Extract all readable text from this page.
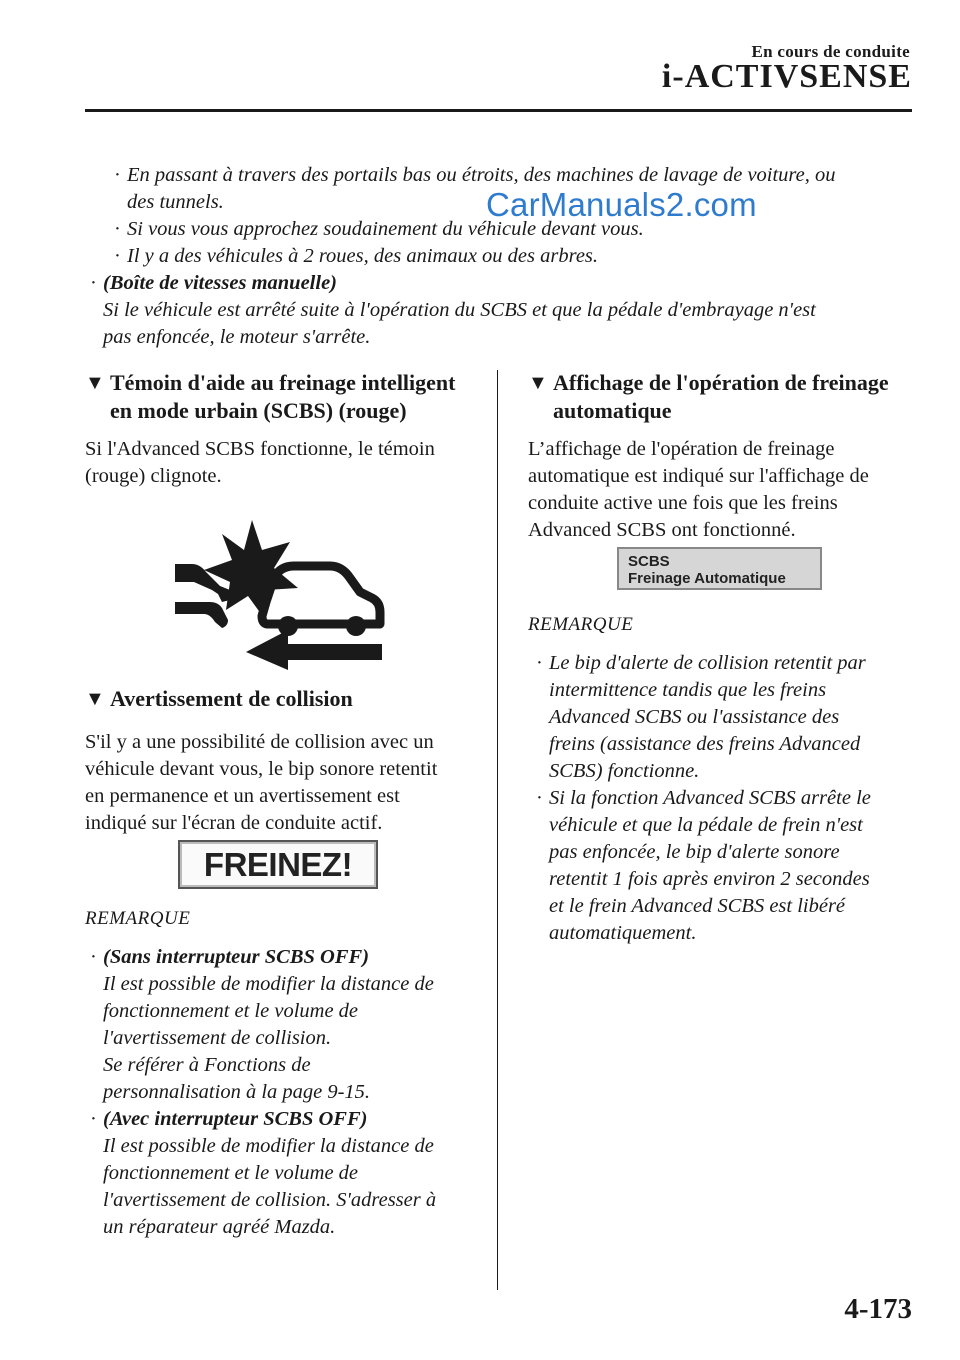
En cours de conduite
i-ACTIVSENSE
· En passant à travers des portails bas ou étroits, des machines de lavage de voiture, ou
des tunnels.
· Si vous vous approchez soudainement du véhicule devant vous.
· Il y a des véhicules à 2 roues, des animaux ou des arbres.
CarManuals2.com
· (Boîte de vitesses manuelle)
Si le véhicule est arrêté suite à l'opération du SCBS et que la pédale d'embrayage n'est
pas enfoncée, le moteur s'arrête.
▼ Témoin d'aide au freinage intelligent
en mode urbain (SCBS) (rouge)
Si l'Advanced SCBS fonctionne, le témoin
(rouge) clignote.
▼ Avertissement de collision
S'il y a une possibilité de collision avec un
véhicule devant vous, le bip sonore retentit
en permanence et un avertissement est
indiqué sur l'écran de conduite actif.
FREINEZ!
REMARQUE
· (Sans interrupteur SCBS OFF)
Il est possible de modifier la distance de
fonctionnement et le volume de
l'avertissement de collision.
Se référer à Fonctions de
personnalisation à la page 9-15.
· (Avec interrupteur SCBS OFF)
Il est possible de modifier la distance de
fonctionnement et le volume de
l'avertissement de collision. S'adresser à
un réparateur agréé Mazda.
▼ Affichage de l'opération de freinage
automatique
L’affichage de l'opération de freinage
automatique est indiqué sur l'affichage de
conduite active une fois que les freins
Advanced SCBS ont fonctionné.
SCBS
Freinage Automatique
REMARQUE
· Le bip d'alerte de collision retentit par
intermittence tandis que les freins
Advanced SCBS ou l'assistance des
freins (assistance des freins Advanced
SCBS) fonctionne.
· Si la fonction Advanced SCBS arrête le
véhicule et que la pédale de frein n'est
pas enfoncée, le bip d'alerte sonore
retentit 1 fois après environ 2 secondes
et le frein Advanced SCBS est libéré
automatiquement.
4-173
